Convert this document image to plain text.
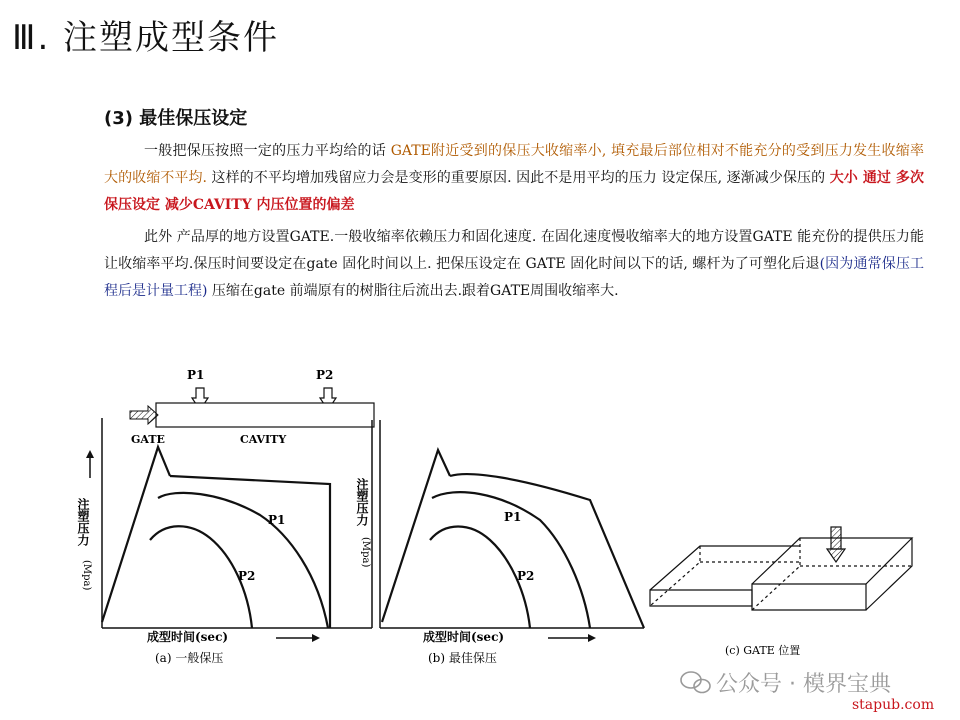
Ⅲ. 注塑成型条件
(3) 最佳保压设定
一般把保压按照一定的压力平均给的话 GATE附近受到的保压大收缩率小, 填充最后部位相对不能充分的受到压力发生收缩率大的收缩不平均. 这样的不平均增加残留应力会是变形的重要原因. 因此不是用平均的压力 设定保压, 逐渐减少保压的 大小 通过 多次保压设定 减少CAVITY 内压位置的偏差
此外 产品厚的地方设置GATE.一般收缩率依赖压力和固化速度. 在固化速度慢收缩率大的地方设置GATE 能充份的提供压力能让收缩率平均.保压时间要设定在gate 固化时间以上. 把保压设定在 GATE 固化时间以下的话, 螺杆为了可塑化后退(因为通常保压工程后是计量工程) 压缩在gate 前端原有的树脂往后流出去.跟着GATE周围收缩率大.
P1	P2
GATE	CAVITY
注塑压力
(Mpa)
P1
P2
成型时间(sec)
(a) 一般保压
注塑压力
(Mpa)
P1
P2
成型时间(sec)
(b) 最佳保压
(c) GATE 位置
公众号 · 模界宝典
stapub.com
